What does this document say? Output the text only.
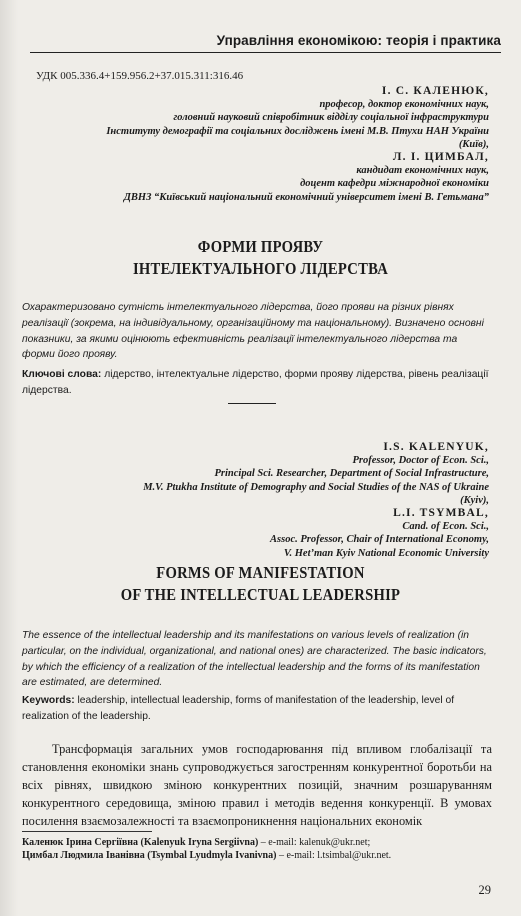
Управління економікою: теорія і практика
УДК 005.336.4+159.956.2+37.015.311:316.46
І. С. КАЛЕНЮК,
професор, доктор економічних наук,
головний науковий співробітник відділу соціальної інфраструктури
Інституту демографії та соціальних досліджень імені М.В. Птухи НАН України
(Київ),
Л. І. ЦИМБАЛ,
кандидат економічних наук,
доцент кафедри міжнародної економіки
ДВНЗ “Київський національний економічний університет імені В. Гетьмана”
ФОРМИ ПРОЯВУ
ІНТЕЛЕКТУАЛЬНОГО ЛІДЕРСТВА
Охарактеризовано сутність інтелектуального лідерства, його прояви на різних рівнях реалізації (зокрема, на індивідуальному, організаційному та національному). Визначено основні показники, за якими оцінюють ефективність реалізації інтелектуального лідерства та форми його прояву.
Ключові слова: лідерство, інтелектуальне лідерство, форми прояву лідерства, рівень реалізації лідерства.
I.S. KALENYUK,
Professor, Doctor of Econ. Sci.,
Principal Sci. Researcher, Department of Social Infrastructure,
M.V. Ptukha Institute of Demography and Social Studies of the NAS of Ukraine
(Kyiv),
L.I. TSYMBAL,
Cand. of Econ. Sci.,
Assoc. Professor, Chair of International Economy,
V. Het’man Kyiv National Economic University
FORMS OF MANIFESTATION
OF THE INTELLECTUAL LEADERSHIP
The essence of the intellectual leadership and its manifestations on various levels of realization (in particular, on the individual, organizational, and national ones) are characterized. The basic indicators, by which the efficiency of a realization of the intellectual leadership and the forms of its manifestation are estimated, are determined.
Keywords: leadership, intellectual leadership, forms of manifestation of the leadership, level of realization of the leadership.
Трансформація загальних умов господарювання під впливом глобалізації та становлення економіки знань супроводжується загостренням конкурентної боротьби на всіх рівнях, швидкою зміною конкурентних позицій, значним розшаруванням конкурентного середовища, зміною правил і методів ведення конкуренції. В умовах посилення взаємозалежності та взаємопроникнення національних економік
Каленюк Ірина Сергіївна (Kalenyuk Iryna Sergiivna) – e-mail: kalenuk@ukr.net;
Цимбал Людмила Іванівна (Tsymbal Lyudmyla Ivanivna) – e-mail: l.tsimbal@ukr.net.
29
